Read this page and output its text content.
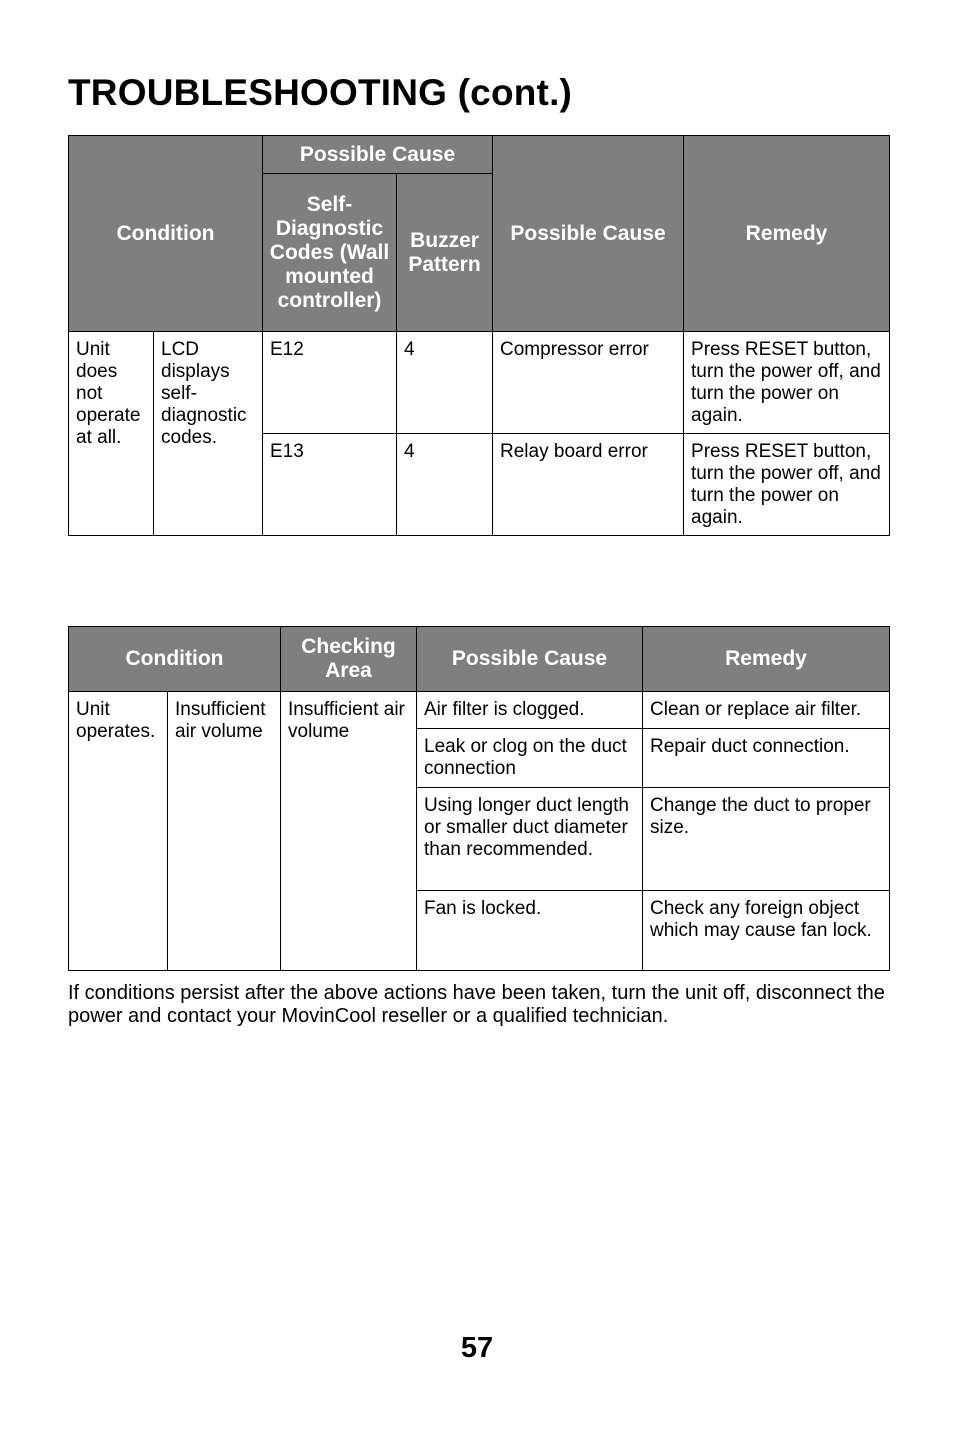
TROUBLESHOOTING (cont.)
Condition		Possible Cause		Possible Cause	Remedy
		Self-Diagnostic Codes (Wall mounted controller)	Buzzer Pattern		
Unit does not operate at all.	LCD displays self-diagnostic codes.	E12	4	Compressor error	Press RESET button, turn the power off, and turn the power on again.
		E13	4	Relay board error	Press RESET button, turn the power off, and turn the power on again.
Condition		Checking Area	Possible Cause	Remedy
Unit operates.	Insufficient air volume	Insufficient air volume	Air filter is clogged.	Clean or replace air filter.
			Leak or clog on the duct connection	Repair duct connection.
			Using longer duct length or smaller duct diameter than recommended.	Change the duct to proper size.
			Fan is locked.	Check any foreign object which may cause fan lock.

If conditions persist after the above actions have been taken, turn the unit off, disconnect the power and contact your MovinCool reseller or a qualified technician.

57
